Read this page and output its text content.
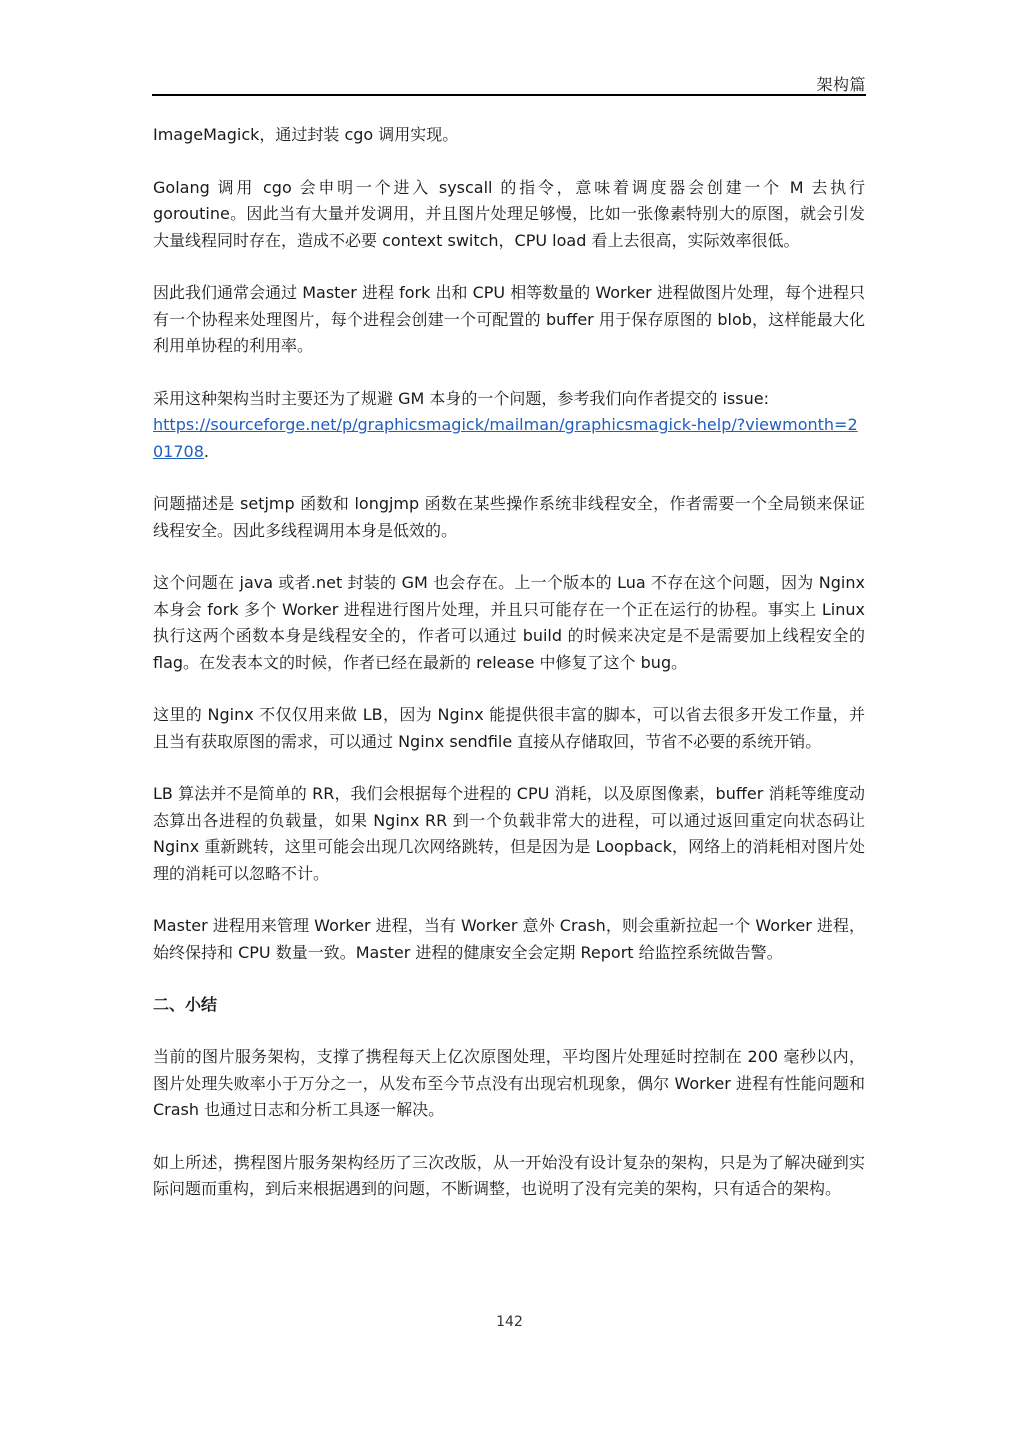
架构篇

ImageMagick，通过封装 cgo 调用实现。

Golang 调用 cgo 会申明一个进入 syscall 的指令，意味着调度器会创建一个 M 去执行 goroutine。因此当有大量并发调用，并且图片处理足够慢，比如一张像素特别大的原图，就会引发大量线程同时存在，造成不必要 context switch，CPU load 看上去很高，实际效率很低。

因此我们通常会通过 Master 进程 fork 出和 CPU 相等数量的 Worker 进程做图片处理，每个进程只有一个协程来处理图片，每个进程会创建一个可配置的 buffer 用于保存原图的 blob，这样能最大化利用单协程的利用率。

采用这种架构当时主要还为了规避 GM 本身的一个问题，参考我们向作者提交的 issue:
https://sourceforge.net/p/graphicsmagick/mailman/graphicsmagick-help/?viewmonth=201708.

问题描述是 setjmp 函数和 longjmp 函数在某些操作系统非线程安全，作者需要一个全局锁来保证线程安全。因此多线程调用本身是低效的。

这个问题在 java 或者.net 封装的 GM 也会存在。上一个版本的 Lua 不存在这个问题，因为 Nginx 本身会 fork 多个 Worker 进程进行图片处理，并且只可能存在一个正在运行的协程。事实上 Linux 执行这两个函数本身是线程安全的，作者可以通过 build 的时候来决定是不是需要加上线程安全的 flag。在发表本文的时候，作者已经在最新的 release 中修复了这个 bug。

这里的 Nginx 不仅仅用来做 LB，因为 Nginx 能提供很丰富的脚本，可以省去很多开发工作量，并且当有获取原图的需求，可以通过 Nginx sendfile 直接从存储取回，节省不必要的系统开销。

LB 算法并不是简单的 RR，我们会根据每个进程的 CPU 消耗，以及原图像素，buffer 消耗等维度动态算出各进程的负载量，如果 Nginx RR 到一个负载非常大的进程，可以通过返回重定向状态码让 Nginx 重新跳转，这里可能会出现几次网络跳转，但是因为是 Loopback，网络上的消耗相对图片处理的消耗可以忽略不计。

Master 进程用来管理 Worker 进程，当有 Worker 意外 Crash，则会重新拉起一个 Worker 进程，始终保持和 CPU 数量一致。Master 进程的健康安全会定期 Report 给监控系统做告警。

二、小结

当前的图片服务架构，支撑了携程每天上亿次原图处理，平均图片处理延时控制在 200 毫秒以内，图片处理失败率小于万分之一，从发布至今节点没有出现宕机现象，偶尔 Worker 进程有性能问题和 Crash 也通过日志和分析工具逐一解决。

如上所述，携程图片服务架构经历了三次改版，从一开始没有设计复杂的架构，只是为了解决碰到实际问题而重构，到后来根据遇到的问题，不断调整，也说明了没有完美的架构，只有适合的架构。

142
